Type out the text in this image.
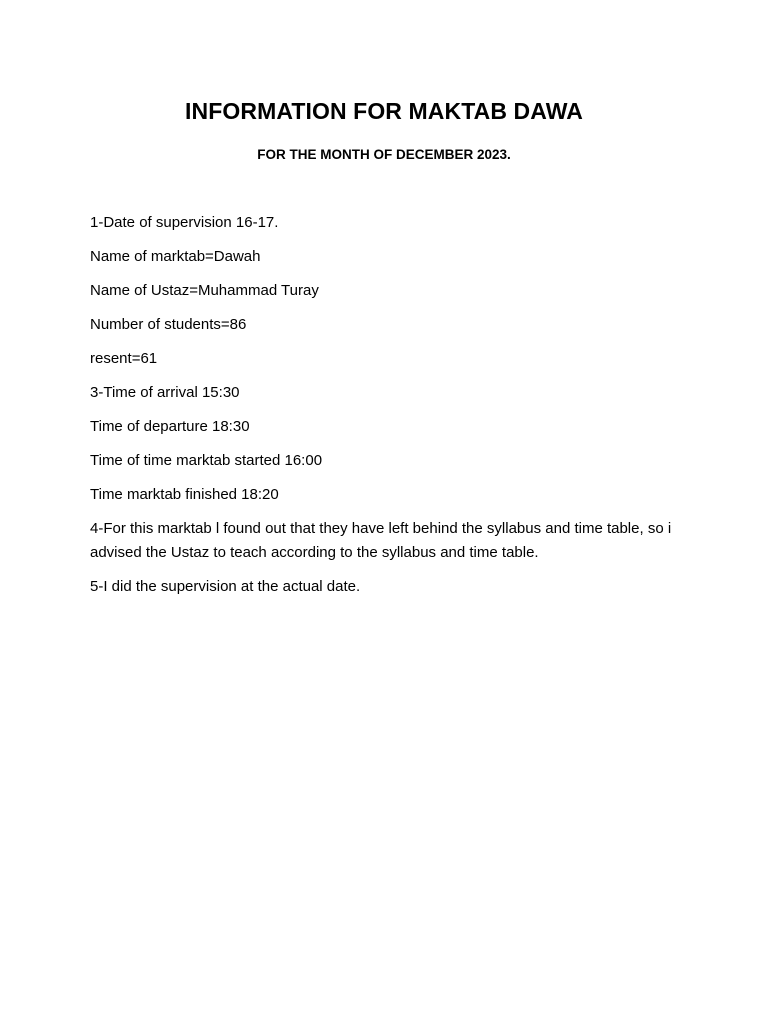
INFORMATION FOR MAKTAB DAWA
FOR THE MONTH OF DECEMBER 2023.
1-Date of supervision 16-17.
Name of marktab=Dawah
Name of Ustaz=Muhammad Turay
Number of students=86
resent=61
3-Time of arrival 15:30
Time of departure 18:30
Time of time marktab started 16:00
Time marktab finished 18:20
4-For this marktab l found out that they have left behind the syllabus and time table, so i advised the Ustaz to teach according to the syllabus and time table.
5-I did the supervision at the actual date.
